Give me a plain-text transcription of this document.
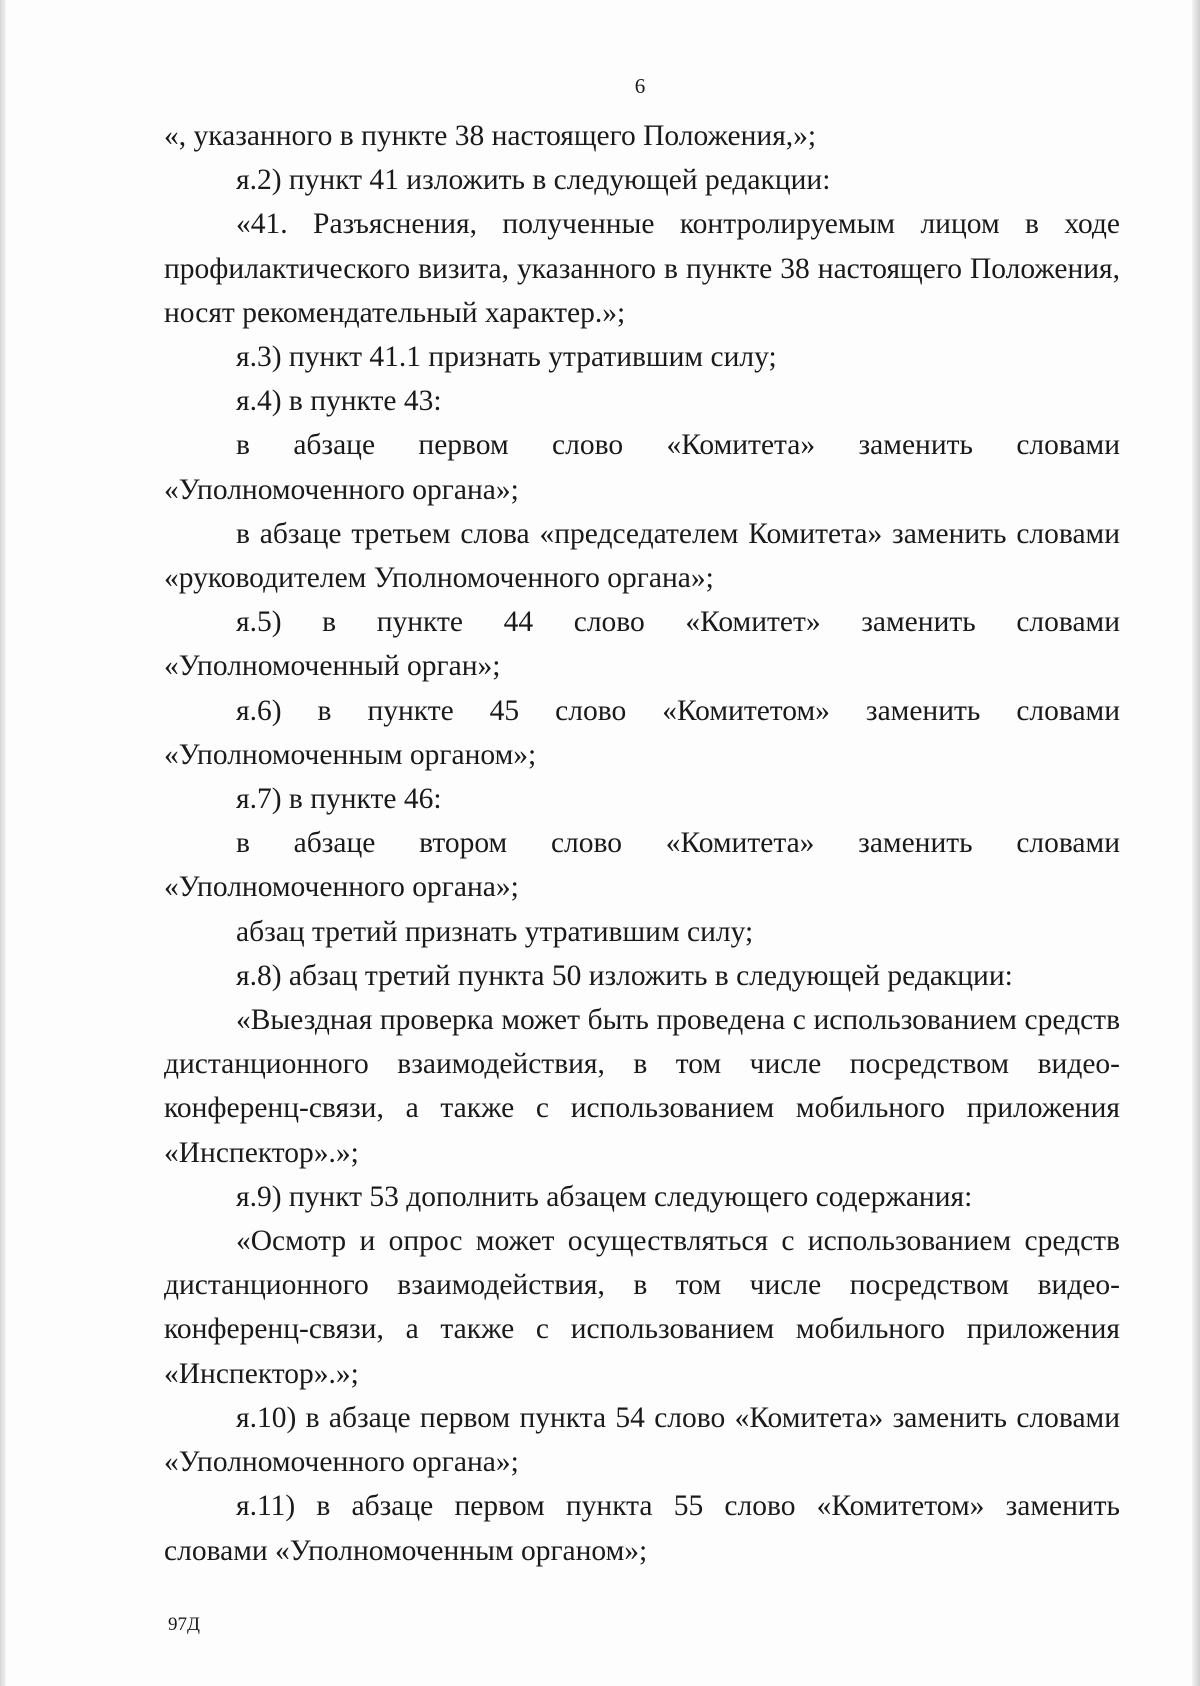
6

«, указанного в пункте 38 настоящего Положения,»;

я.2) пункт 41 изложить в следующей редакции:

«41. Разъяснения, полученные контролируемым лицом в ходе профилактического визита, указанного в пункте 38 настоящего Положения, носят рекомендательный характер.»;

я.3) пункт 41.1 признать утратившим силу;

я.4) в пункте 43:

в абзаце первом слово «Комитета» заменить словами «Уполномоченного органа»;

в абзаце третьем слова «председателем Комитета» заменить словами «руководителем Уполномоченного органа»;

я.5) в пункте 44 слово «Комитет» заменить словами «Уполномоченный орган»;

я.6) в пункте 45 слово «Комитетом» заменить словами «Уполномоченным органом»;

я.7) в пункте 46:

в абзаце втором слово «Комитета» заменить словами «Уполномоченного органа»;

абзац третий признать утратившим силу;

я.8) абзац третий пункта 50 изложить в следующей редакции:

«Выездная проверка может быть проведена с использованием средств дистанционного взаимодействия, в том числе посредством видео-конференц-связи, а также с использованием мобильного приложения «Инспектор».»;

я.9) пункт 53 дополнить абзацем следующего содержания:

«Осмотр и опрос может осуществляться с использованием средств дистанционного взаимодействия, в том числе посредством видео-конференц-связи, а также с использованием мобильного приложения «Инспектор».»;

я.10) в абзаце первом пункта 54 слово «Комитета» заменить словами «Уполномоченного органа»;

я.11) в абзаце первом пункта 55 слово «Комитетом» заменить словами «Уполномоченным органом»;

97Д
